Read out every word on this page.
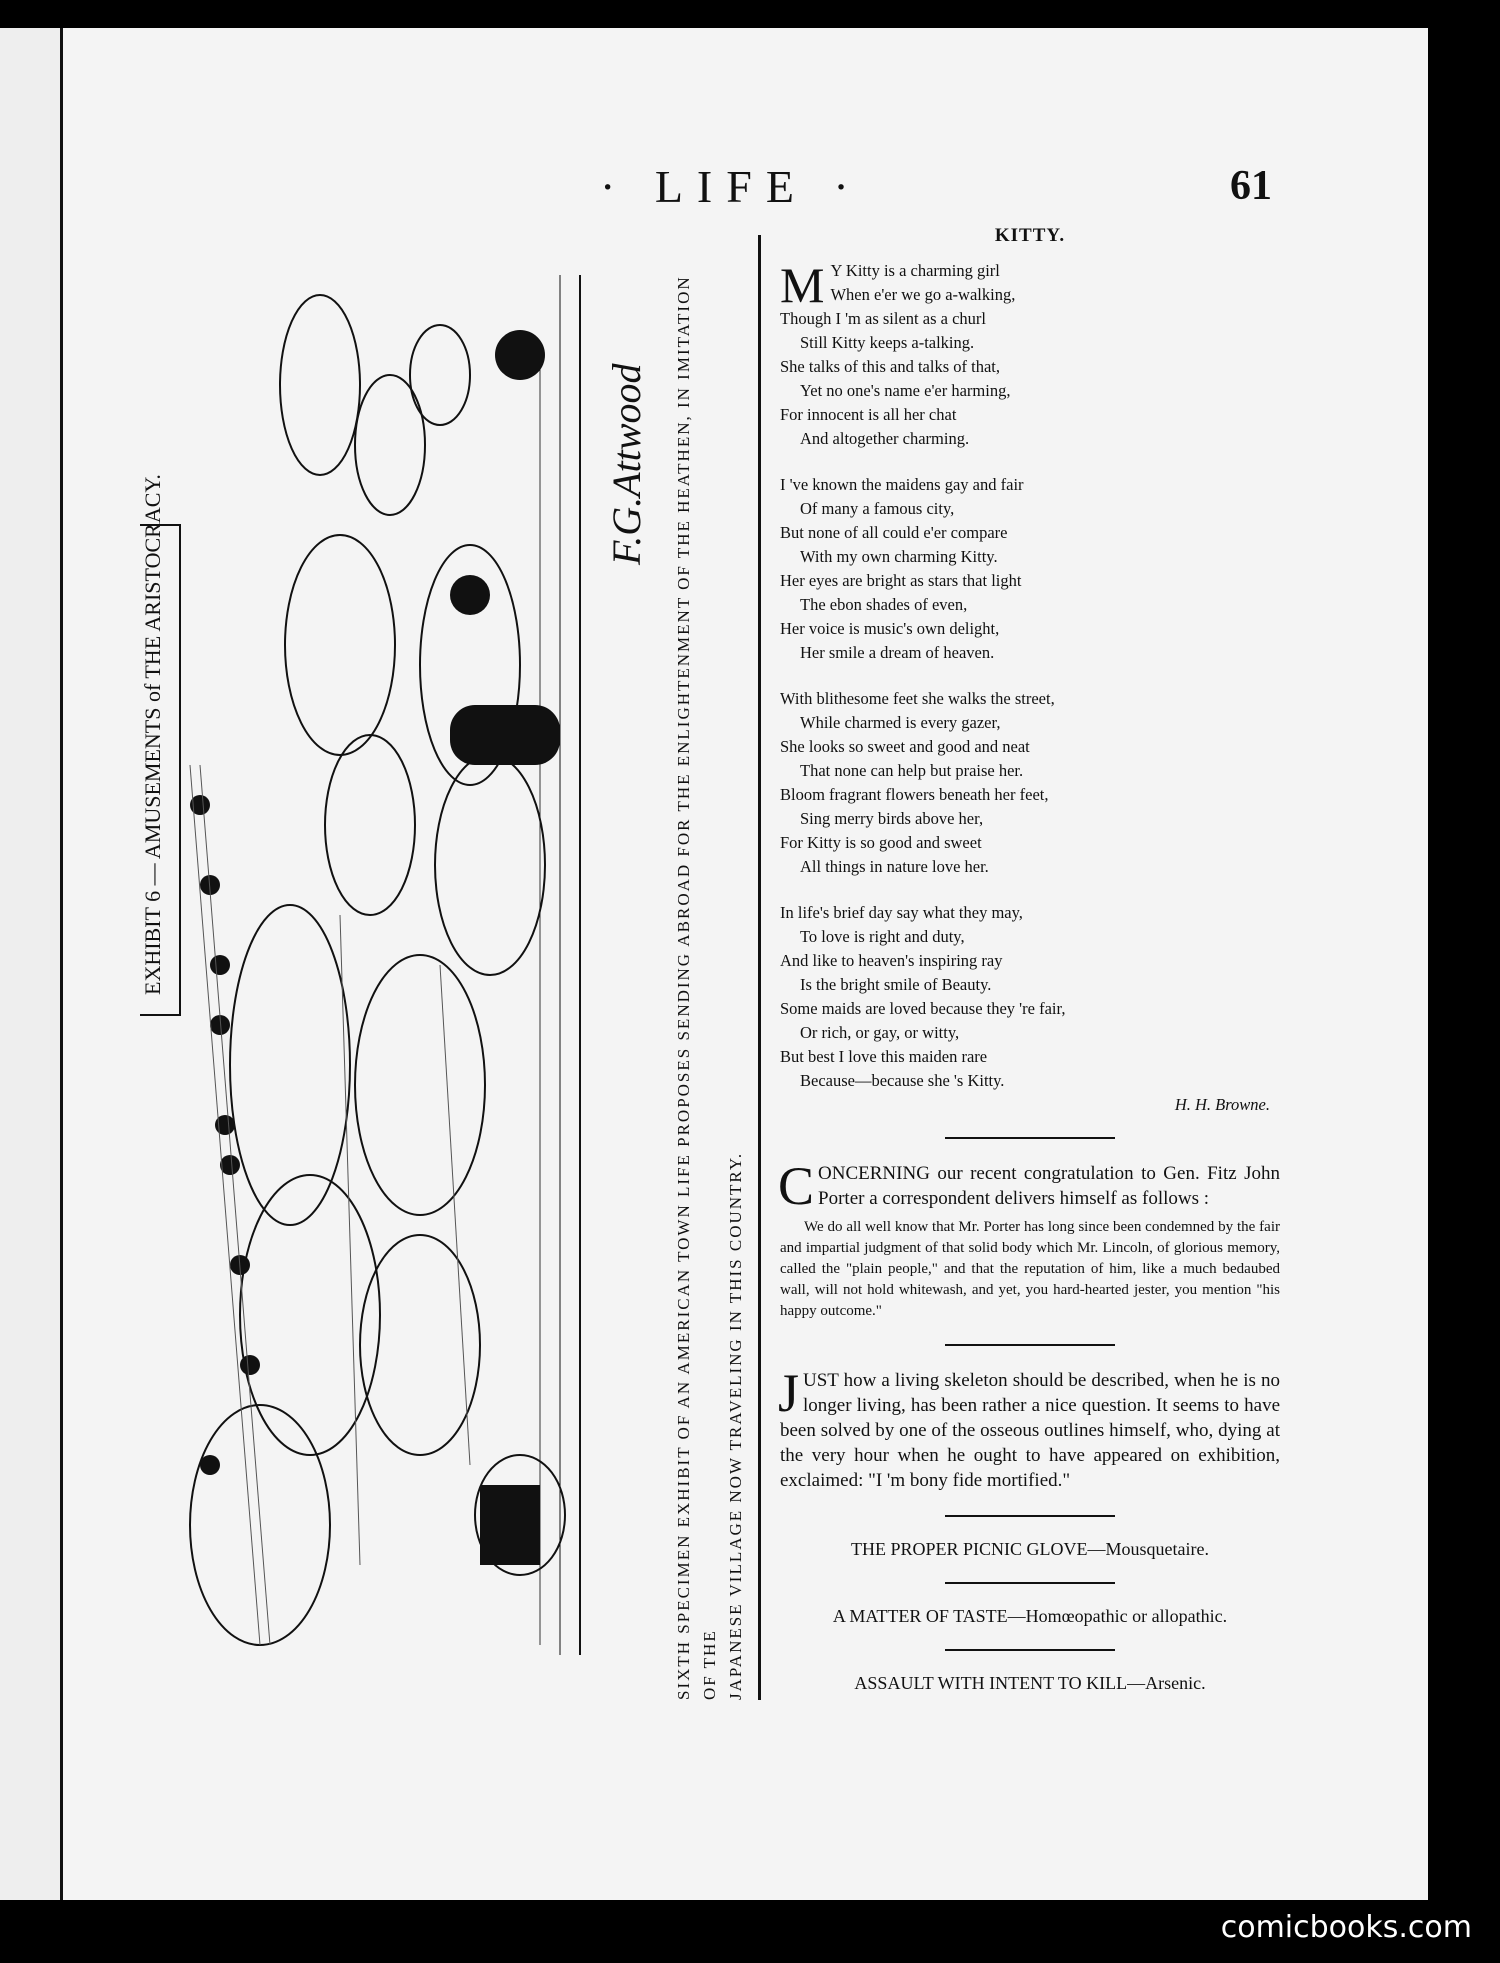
· LIFE ·	61
EXHIBIT 6 — AMUSEMENTS of THE ARISTOCRACY.
F.G.Attwood SIXTH SPECIMEN EXHIBIT OF AN AMERICAN TOWN LIFE PROPOSES SENDING ABROAD FOR THE ENLIGHTENMENT OF THE HEATHEN, IN IMITATION OF THE JAPANESE VILLAGE NOW TRAVELING IN THIS COUNTRY.
KITTY.
M Y Kitty is a charming girl
When e'er we go a-walking,
Though I 'm as silent as a churl
Still Kitty keeps a-talking.
She talks of this and talks of that,
Yet no one's name e'er harming,
For innocent is all her chat
And altogether charming.
I 've known the maidens gay and fair
Of many a famous city,
But none of all could e'er compare
With my own charming Kitty.
Her eyes are bright as stars that light
The ebon shades of even,
Her voice is music's own delight,
Her smile a dream of heaven.
With blithesome feet she walks the street,
While charmed is every gazer,
She looks so sweet and good and neat
That none can help but praise her.
Bloom fragrant flowers beneath her feet,
Sing merry birds above her,
For Kitty is so good and sweet
All things in nature love her.
In life's brief day say what they may,
To love is right and duty,
And like to heaven's inspiring ray
Is the bright smile of Beauty.
Some maids are loved because they 're fair,
Or rich, or gay, or witty,
But best I love this maiden rare
Because—because she 's Kitty.
H. H. Browne.
CONCERNING our recent congratulation to Gen. Fitz John Porter a correspondent delivers himself as follows :
We do all well know that Mr. Porter has long since been condemned by the fair and impartial judgment of that solid body which Mr. Lincoln, of glorious memory, called the "plain people," and that the reputation of him, like a much bedaubed wall, will not hold whitewash, and yet, you hard-hearted jester, you mention "his happy outcome."
JUST how a living skeleton should be described, when he is no longer living, has been rather a nice question. It seems to have been solved by one of the osseous outlines himself, who, dying at the very hour when he ought to have appeared on exhibition, exclaimed: "I 'm bony fide mortified."

THE PROPER PICNIC GLOVE—Mousquetaire.

A MATTER OF TASTE—Homœopathic or allopathic.

ASSAULT WITH INTENT TO KILL—Arsenic.

comicbooks.com
